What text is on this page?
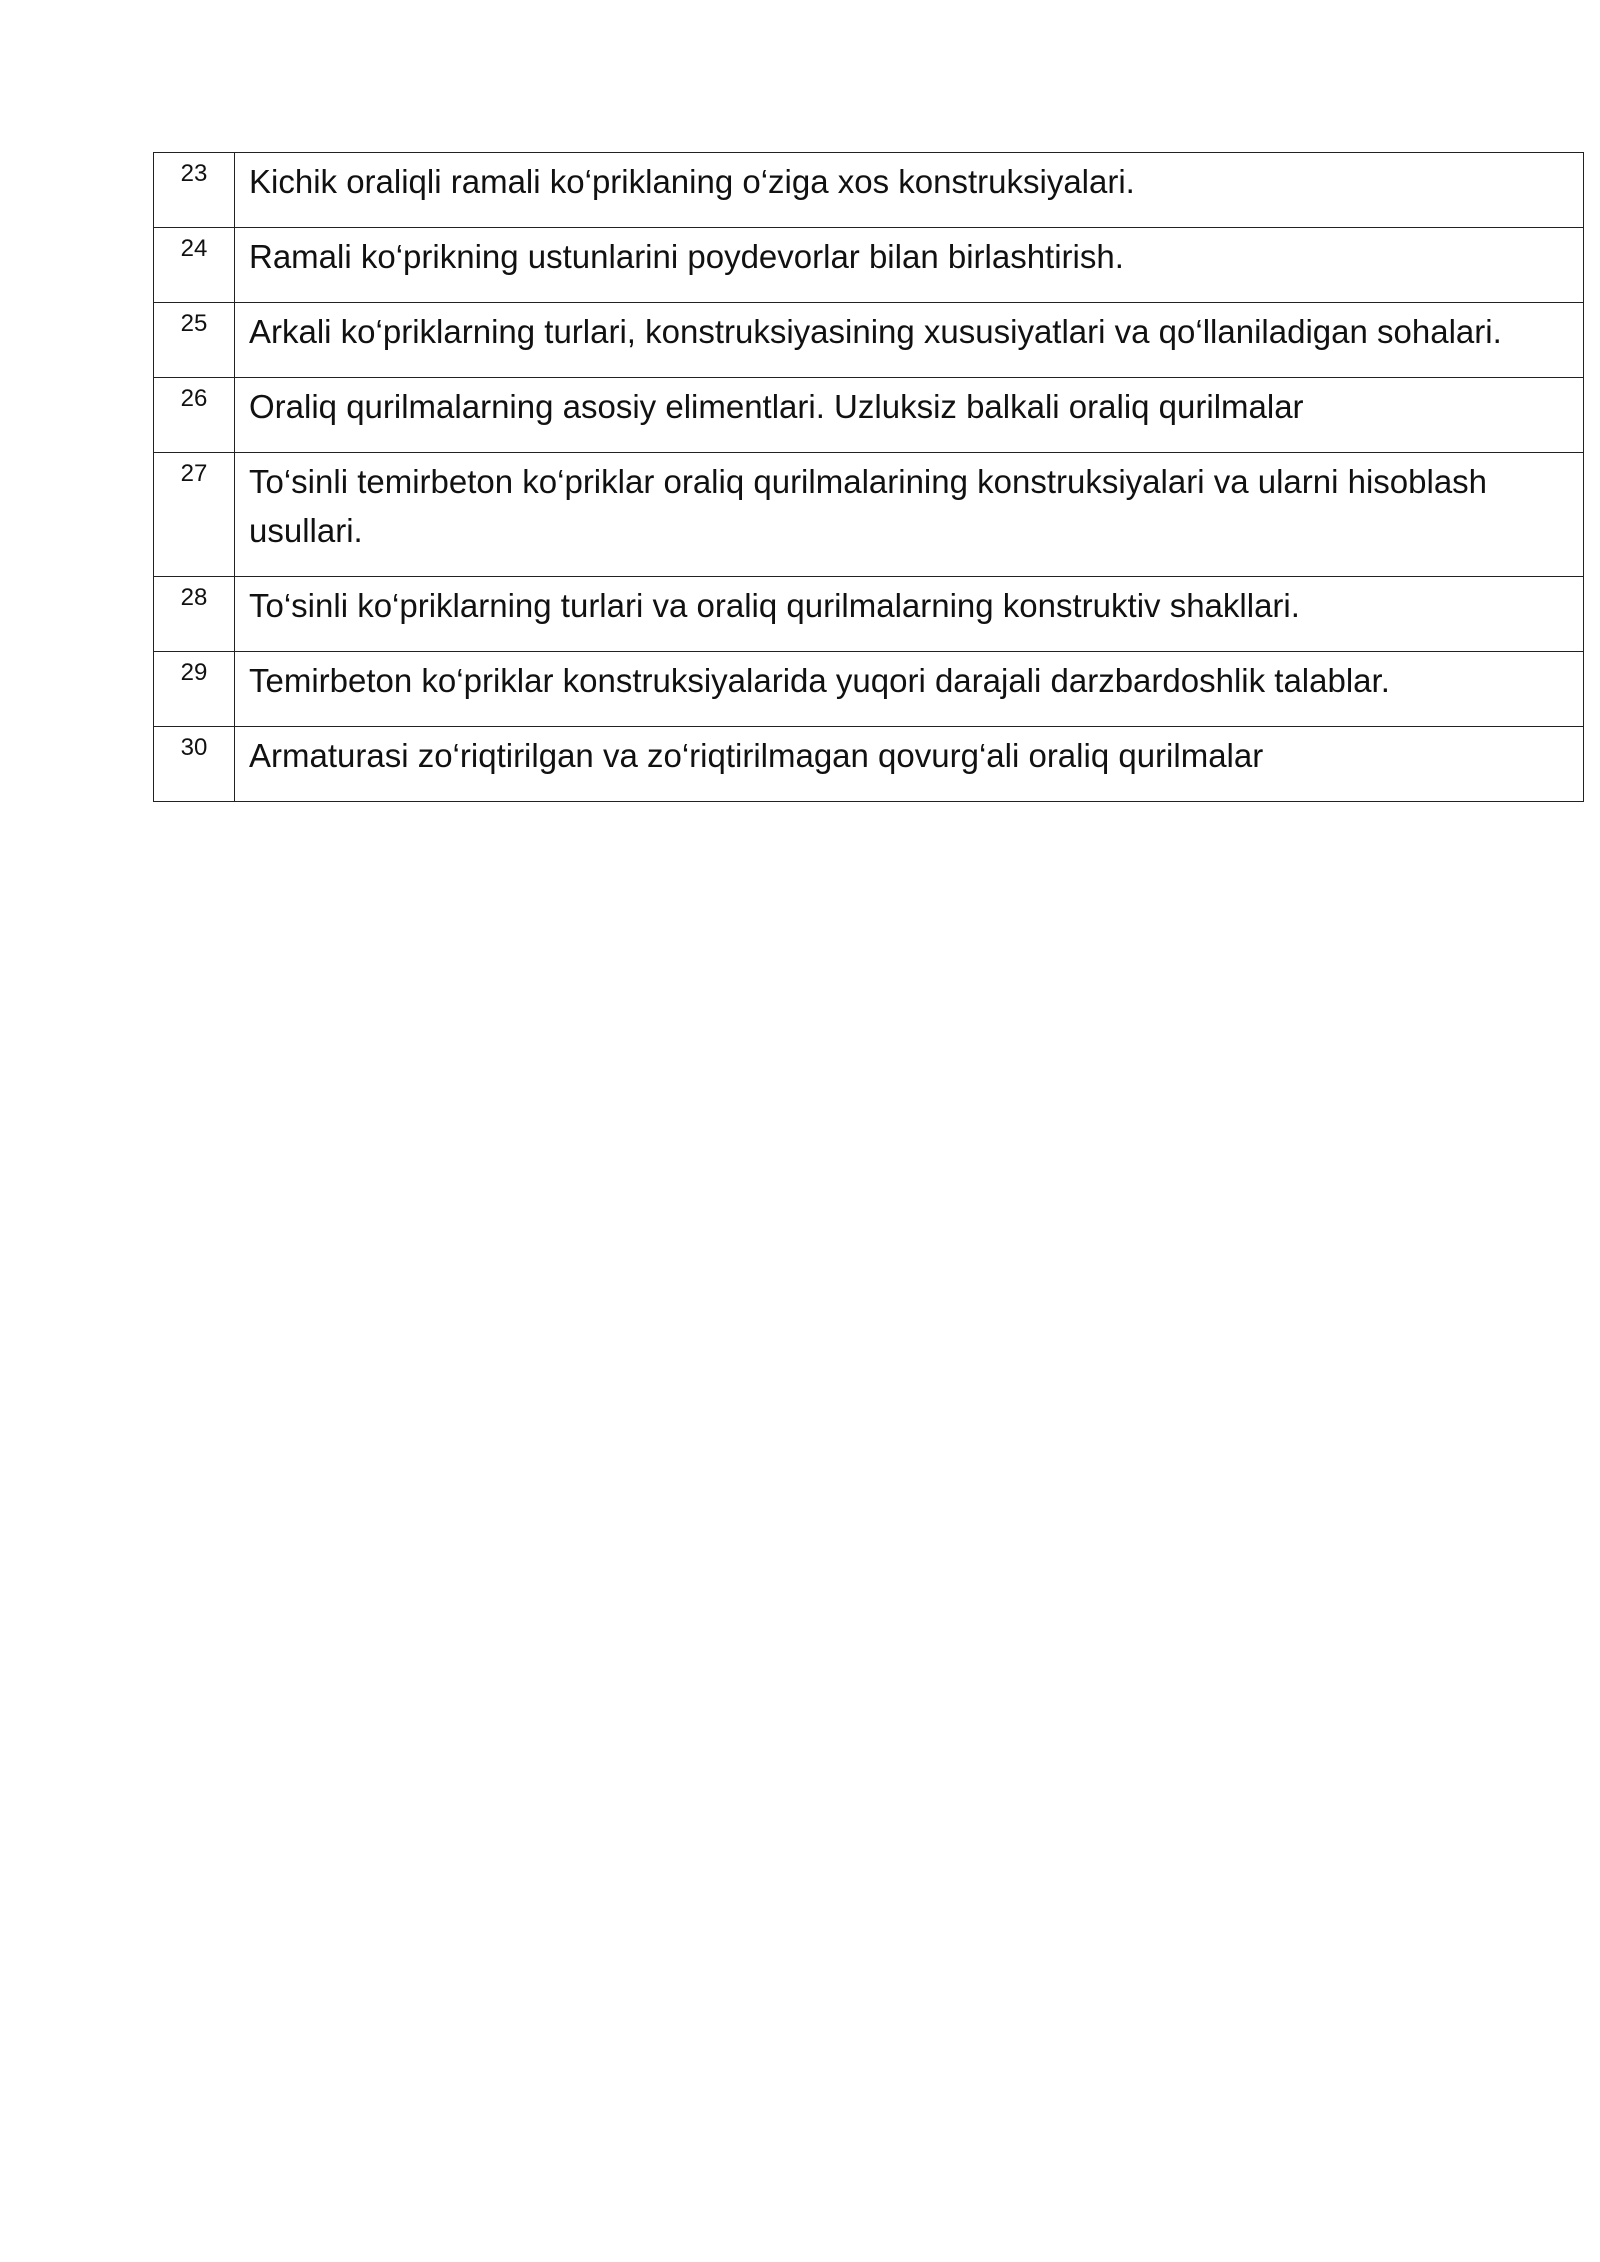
23	Kichik oraliqli ramali ko‘priklaning o‘ziga xos konstruksiyalari.
24	Ramali ko‘prikning ustunlarini poydevorlar bilan birlashtirish.
25	Arkali ko‘priklarning turlari, konstruksiyasining xususiyatlari va qo‘llaniladigan sohalari.
26	Oraliq qurilmalarning asosiy elimentlari. Uzluksiz balkali oraliq qurilmalar
27	To‘sinli temirbeton ko‘priklar oraliq qurilmalarining konstruksiyalari va ularni hisoblash usullari.
28	To‘sinli ko‘priklarning turlari va oraliq qurilmalarning konstruktiv shakllari.
29	Temirbeton ko‘priklar konstruksiyalarida yuqori darajali darzbardoshlik talablar.
30	Armaturasi zo‘riqtirilgan va zo‘riqtirilmagan qovurg‘ali oraliq qurilmalar
